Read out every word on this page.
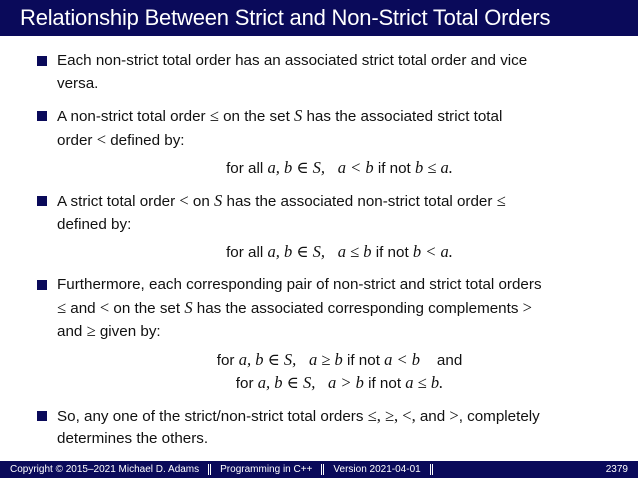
Relationship Between Strict and Non-Strict Total Orders
Each non-strict total order has an associated strict total order and vice
versa.
A non-strict total order ≤ on the set S has the associated strict total
order < defined by:
for all a, b ∈ S, a < b if not b ≤ a.
A strict total order < on S has the associated non-strict total order ≤
defined by:
for all a, b ∈ S, a ≤ b if not b < a.
Furthermore, each corresponding pair of non-strict and strict total orders
≤ and < on the set S has the associated corresponding complements >
and ≥ given by:
for a, b ∈ S, a ≥ b if not a < b and
for a, b ∈ S, a > b if not a ≤ b.
So, any one of the strict/non-strict total orders ≤, ≥, <, and >, completely
determines the others.
Copyright © 2015–2021 Michael D. Adams Programming in C++ Version 2021-04-01	2379
